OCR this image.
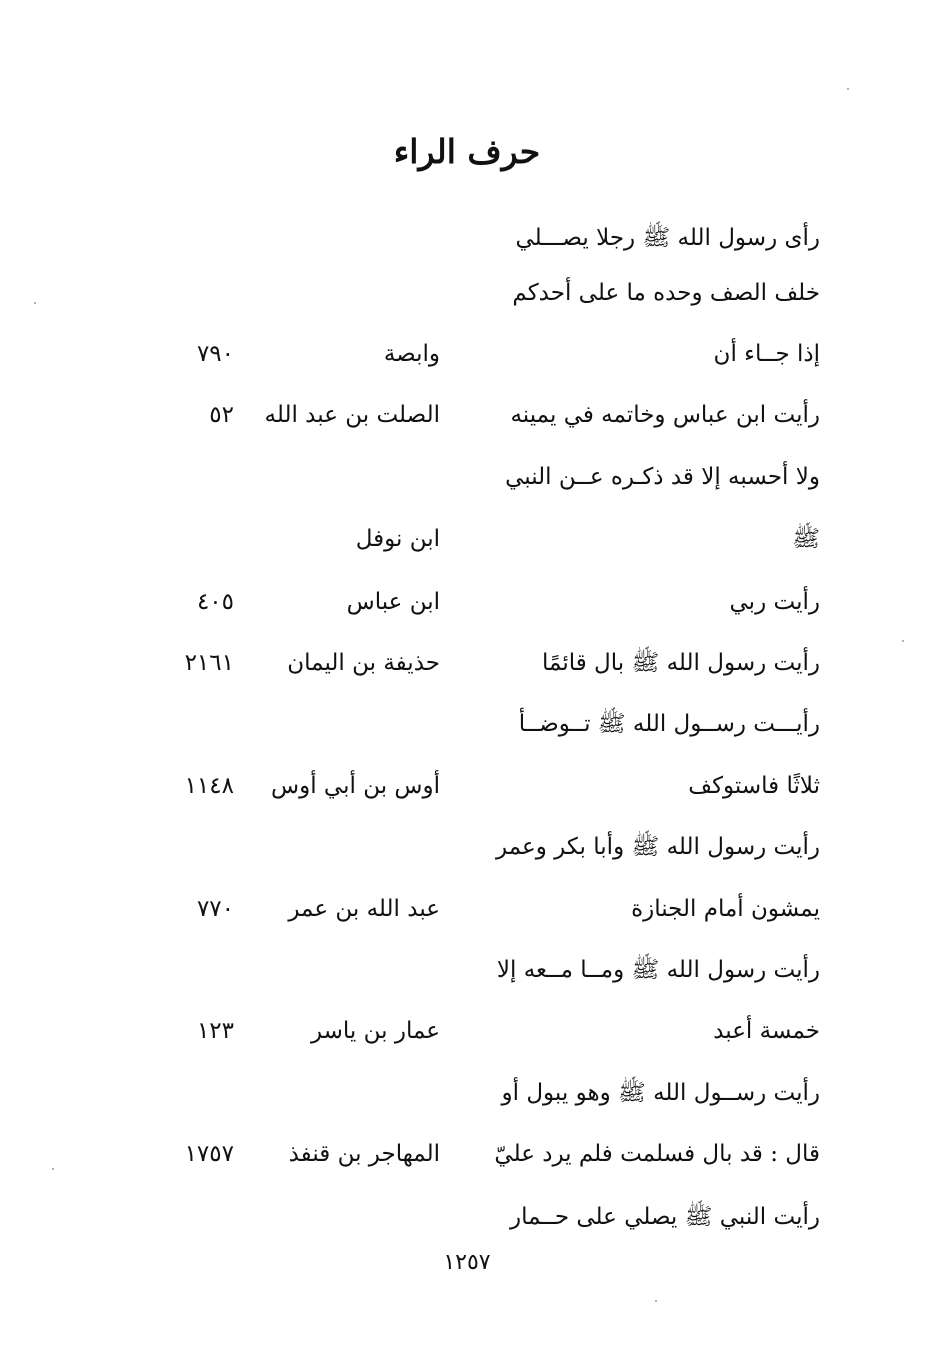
حرف الراء
رأى رسول الله ﷺ رجلا يصـــلي
خلف الصف وحده ما على أحدكم
إذا جــاء أن
وابصة
٧٩٠
رأيت ابن عباس وخاتمه في يمينه
الصلت بن عبد الله
٥٢
ولا أحسبه إلا قد ذكـره عــن النبي
ﷺ
ابن نوفل
رأيت ربي
ابن عباس
٤٠٥
رأيت رسول الله ﷺ بال قائمًا
حذيفة بن اليمان
٢١٦١
رأيـــت رســول الله ﷺ تــوضــأ
ثلاثًا فاستوكف
أوس بن أبي أوس
١١٤٨
رأيت رسول الله ﷺ وأبا بكر وعمر
يمشون أمام الجنازة
عبد الله بن عمر
٧٧٠
رأيت رسول الله ﷺ ومــا مــعه إلا
خمسة أعبد
عمار بن ياسر
١٢٣
رأيت رســول الله ﷺ وهو يبول أو
قال : قد بال فسلمت فلم يرد عليّ
المهاجر بن قنفذ
١٧٥٧
رأيت النبي ﷺ يصلي على حــمار
١٢٥٧
